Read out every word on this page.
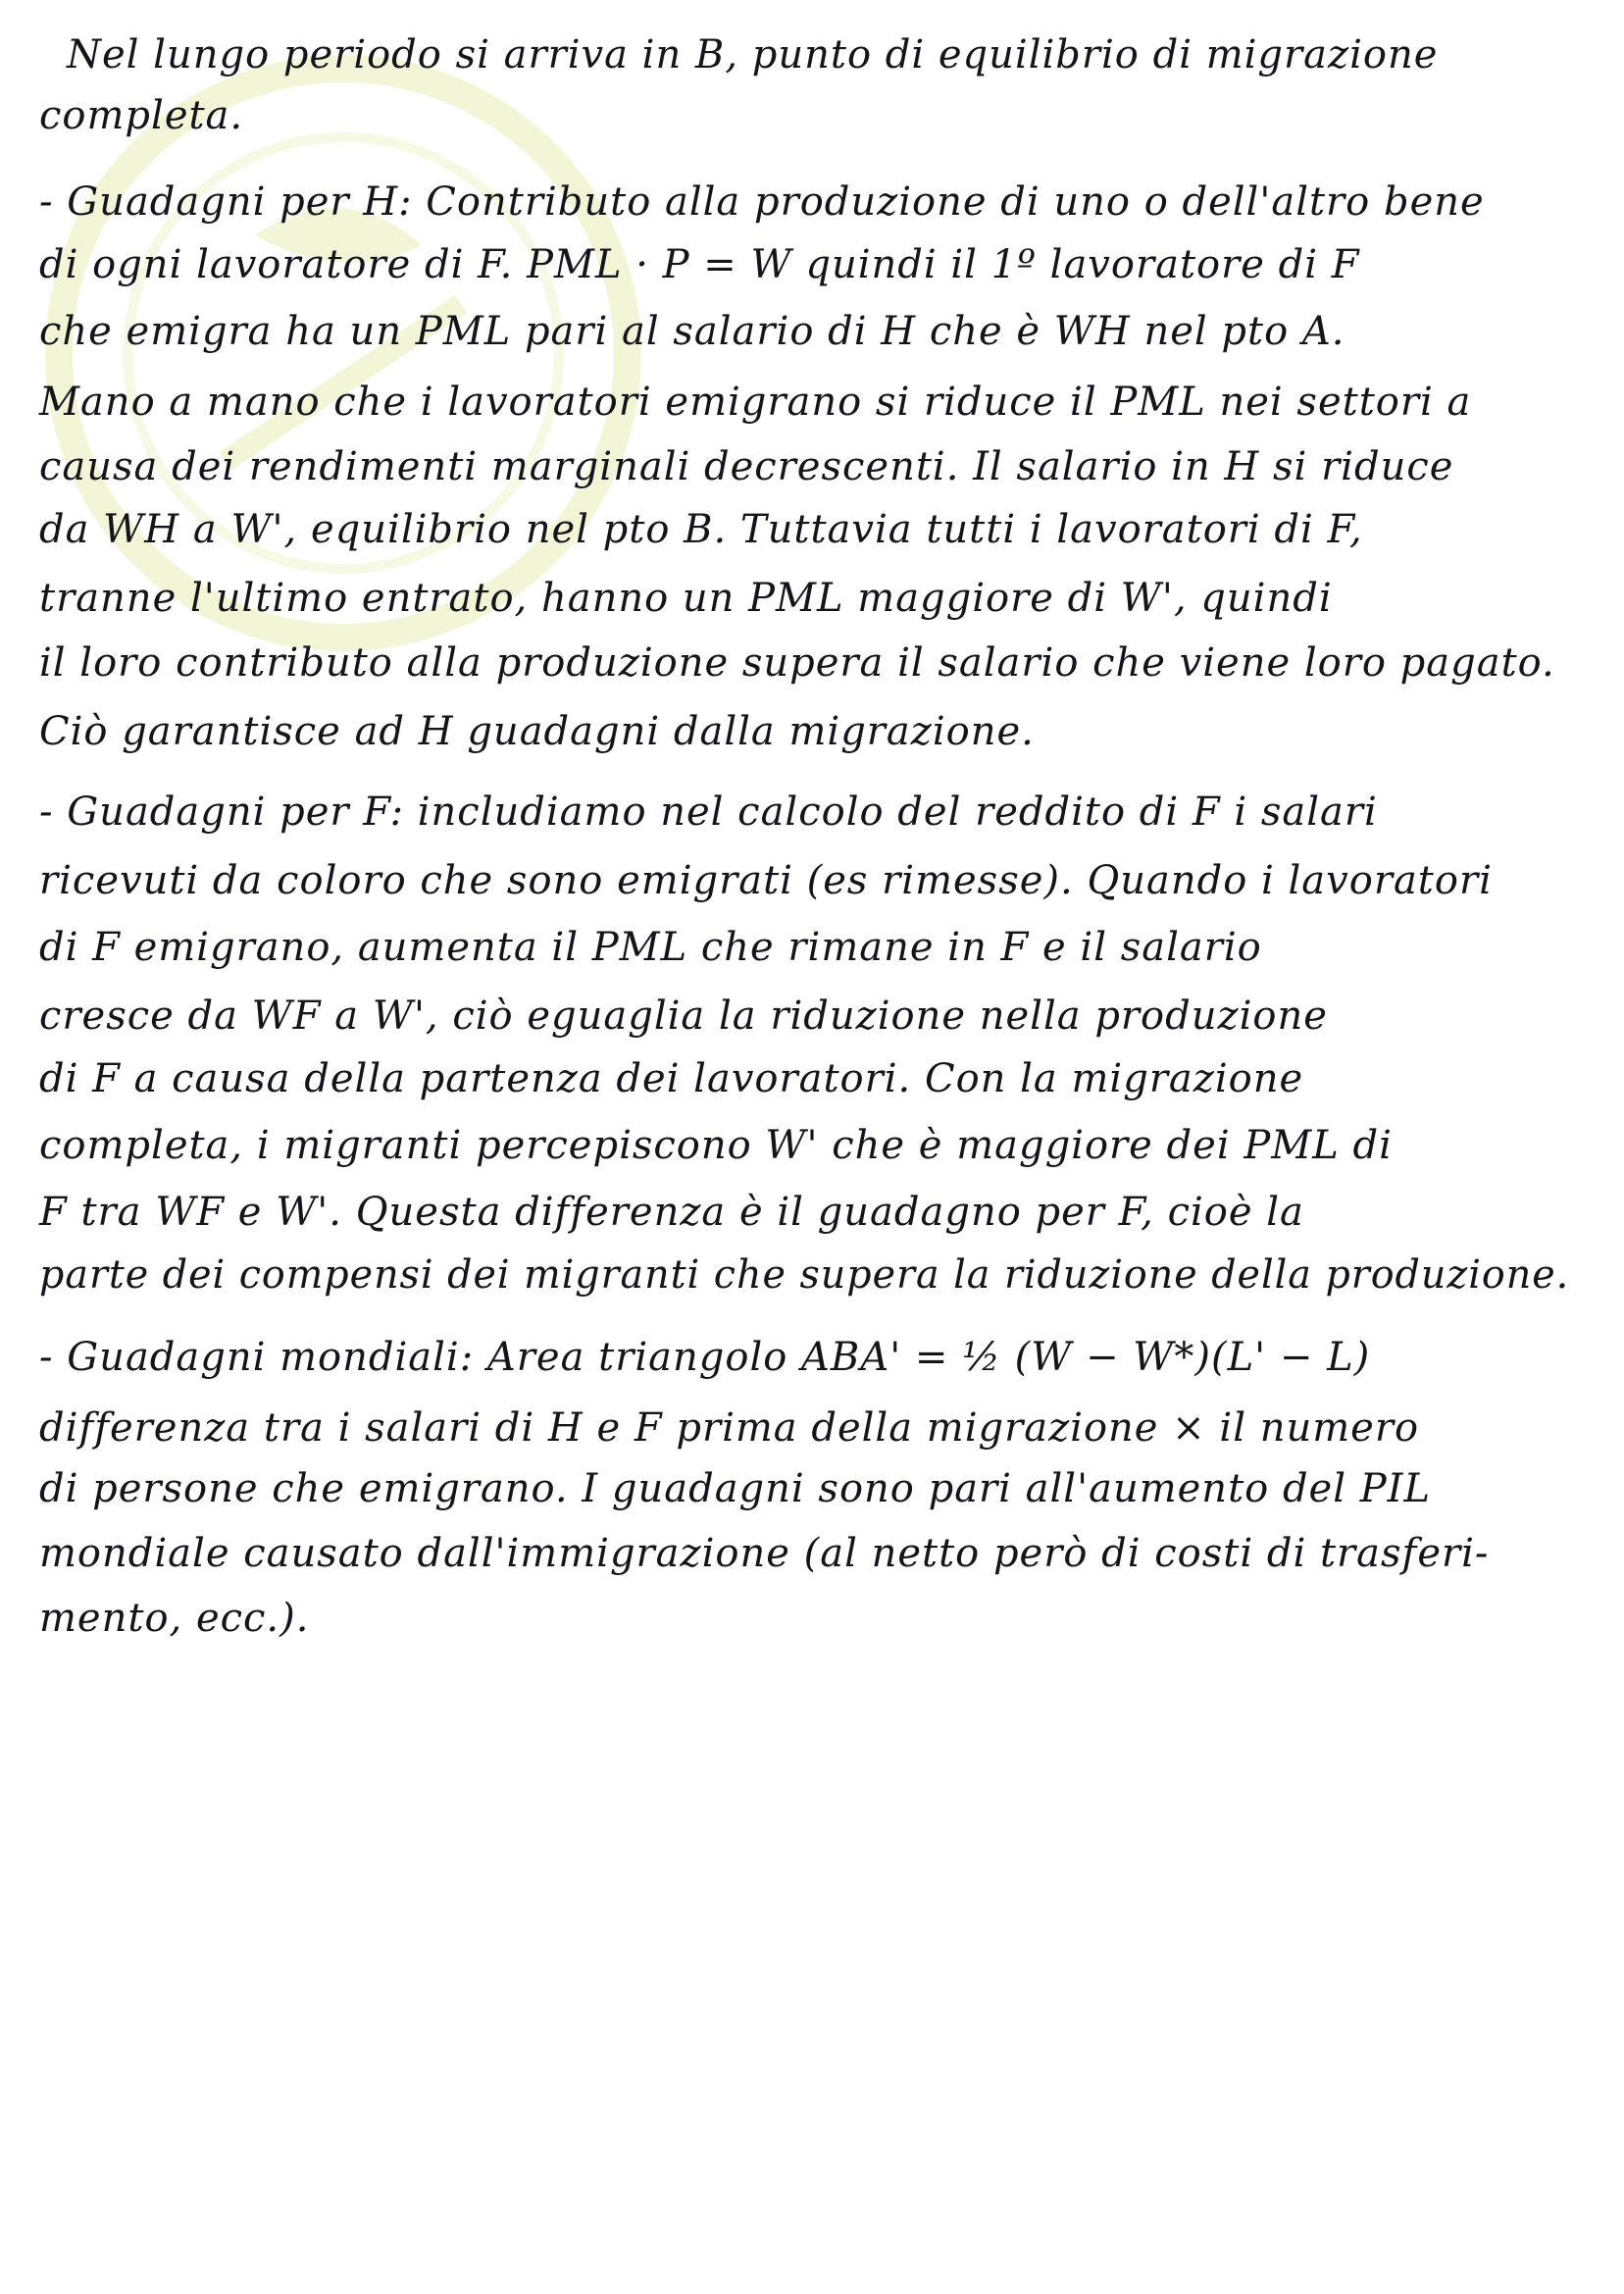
Nel lungo periodo si arriva in B, punto di equilibrio di migrazione
completa.
- Guadagni per H: Contributo alla produzione di uno o dell'altro bene
di ogni lavoratore di F. PML · P = W quindi il 1º lavoratore di F
che emigra ha un PML pari al salario di H che è WH nel pto A.
Mano a mano che i lavoratori emigrano si riduce il PML nei settori a
causa dei rendimenti marginali decrescenti. Il salario in H si riduce
da WH a W', equilibrio nel pto B. Tuttavia tutti i lavoratori di F,
tranne l'ultimo entrato, hanno un PML maggiore di W', quindi
il loro contributo alla produzione supera il salario che viene loro pagato.
Ciò garantisce ad H guadagni dalla migrazione.
- Guadagni per F: includiamo nel calcolo del reddito di F i salari
ricevuti da coloro che sono emigrati (es rimesse). Quando i lavoratori
di F emigrano, aumenta il PML che rimane in F e il salario
cresce da WF a W', ciò eguaglia la riduzione nella produzione
di F a causa della partenza dei lavoratori. Con la migrazione
completa, i migranti percepiscono W' che è maggiore dei PML di
F tra WF e W'. Questa differenza è il guadagno per F, cioè la
parte dei compensi dei migranti che supera la riduzione della produzione.
- Guadagni mondiali: Area triangolo ABA' = ½ (W − W*)(L' − L)
differenza tra i salari di H e F prima della migrazione × il numero
di persone che emigrano. I guadagni sono pari all'aumento del PIL
mondiale causato dall'immigrazione (al netto però di costi di trasferi-
mento, ecc.).
